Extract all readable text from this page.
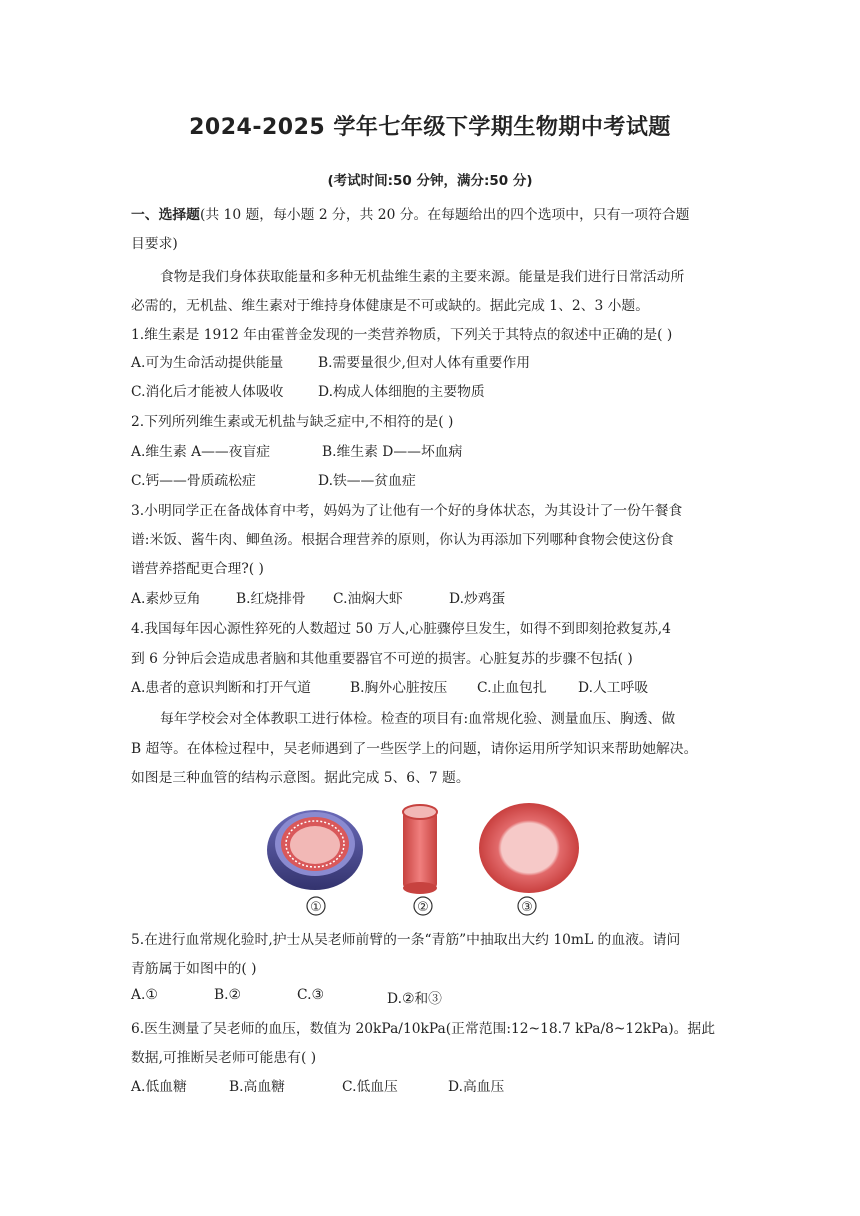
2024-2025 学年七年级下学期生物期中考试题
(考试时间:50 分钟，满分:50 分)
一、选择题(共 10 题，每小题 2 分，共 20 分。在每题给出的四个选项中，只有一项符合题
目要求)
食物是我们身体获取能量和多种无机盐维生素的主要来源。能量是我们进行日常活动所
必需的，无机盐、维生素对于维持身体健康是不可或缺的。据此完成 1、2、3 小题。
1.维生素是 1912 年由霍普金发现的一类营养物质，下列关于其特点的叙述中正确的是( )
A.可为生命活动提供能量	B.需要量很少,但对人体有重要作用
C.消化后才能被人体吸收	D.构成人体细胞的主要物质
2.下列所列维生素或无机盐与缺乏症中,不相符的是( )
A.维生素 A——夜盲症	B.维生素 D——坏血病
C.钙——骨质疏松症	D.铁——贫血症
3.小明同学正在备战体育中考，妈妈为了让他有一个好的身体状态，为其设计了一份午餐食
谱:米饭、酱牛肉、鲫鱼汤。根据合理营养的原则，你认为再添加下列哪种食物会使这份食
谱营养搭配更合理?( )
A.素炒豆角	B.红烧排骨 C.油焖大虾	D.炒鸡蛋
4.我国每年因心源性猝死的人数超过 50 万人,心脏骤停旦发生，如得不到即刻抢救复苏,4
到 6 分钟后会造成患者脑和其他重要器官不可逆的损害。心脏复苏的步骤不包括( )
A.患者的意识判断和打开气道	B.胸外心脏按压 C.止血包扎 D.人工呼吸
每年学校会对全体教职工进行体检。检查的项目有:血常规化验、测量血压、胸透、做
B 超等。在体检过程中，吴老师遇到了一些医学上的问题，请你运用所学知识来帮助她解决。
如图是三种血管的结构示意图。据此完成 5、6、7 题。
①	②	③
5.在进行血常规化验时,护士从吴老师前臂的一条“青筋”中抽取出大约 10mL 的血液。请问
青筋属于如图中的( )
A.①	B.②	C.③	D.②和③
6.医生测量了吴老师的血压，数值为 20kPa/10kPa(正常范围:12~18.7 kPa/8~12kPa)。据此
数据,可推断吴老师可能患有( )
A.低血糖	B.高血糖	C.低血压	D.高血压
